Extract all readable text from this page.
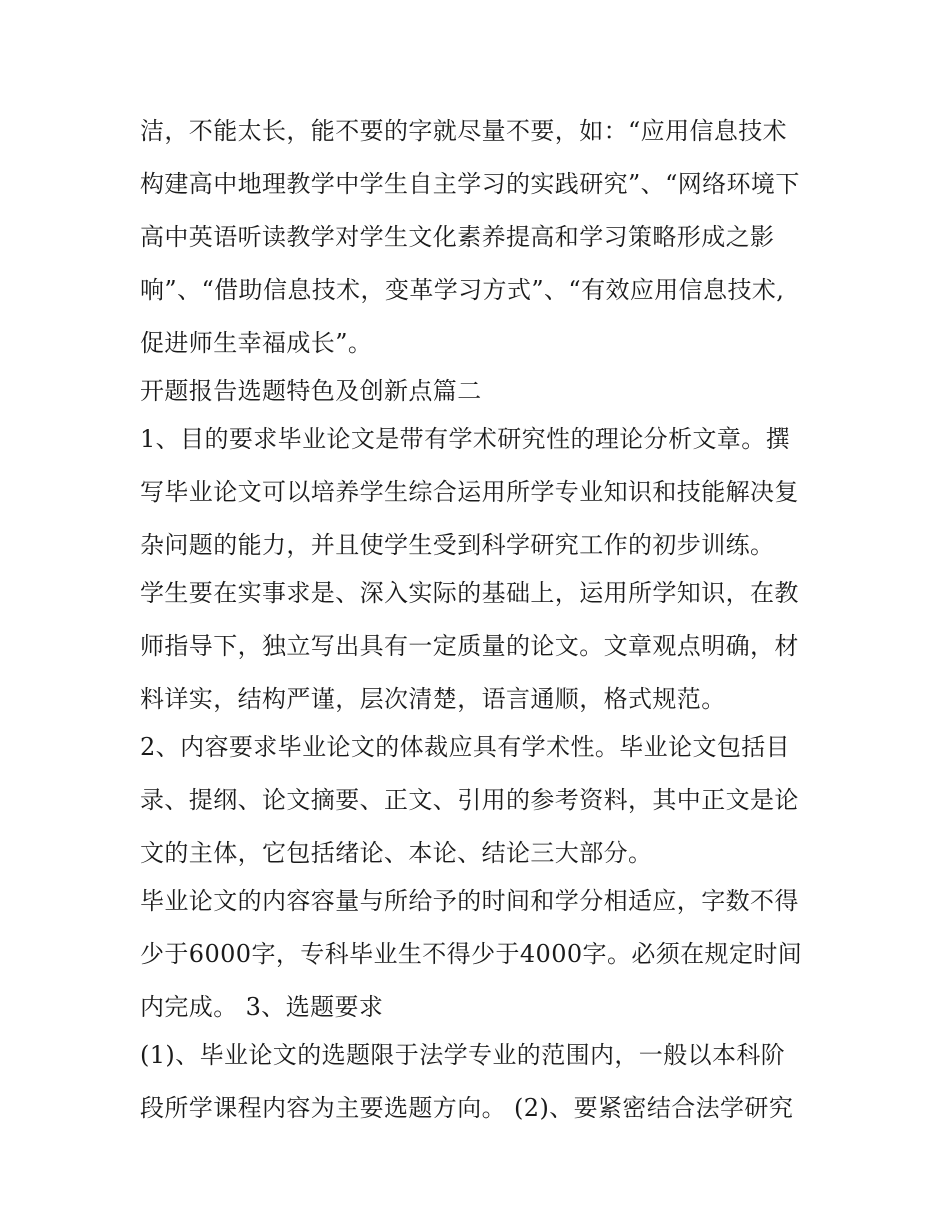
洁，不能太长，能不要的字就尽量不要，如：“应用信息技术
构建高中地理教学中学生自主学习的实践研究”、“网络环境下
高中英语听读教学对学生文化素养提高和学习策略形成之影
响”、“借助信息技术，变革学习方式”、“有效应用信息技术,
促进师生幸福成长”。
开题报告选题特色及创新点篇二
1、目的要求毕业论文是带有学术研究性的理论分析文章。撰
写毕业论文可以培养学生综合运用所学专业知识和技能解决复
杂问题的能力，并且使学生受到科学研究工作的初步训练。
学生要在实事求是、深入实际的基础上，运用所学知识，在教
师指导下，独立写出具有一定质量的论文。文章观点明确，材
料详实，结构严谨，层次清楚，语言通顺，格式规范。
2、内容要求毕业论文的体裁应具有学术性。毕业论文包括目
录、提纲、论文摘要、正文、引用的参考资料，其中正文是论
文的主体，它包括绪论、本论、结论三大部分。
毕业论文的内容容量与所给予的时间和学分相适应，字数不得
少于6000字，专科毕业生不得少于4000字。必须在规定时间
内完成。 3、选题要求
(1)、毕业论文的选题限于法学专业的范围内，一般以本科阶
段所学课程内容为主要选题方向。 (2)、要紧密结合法学研究
